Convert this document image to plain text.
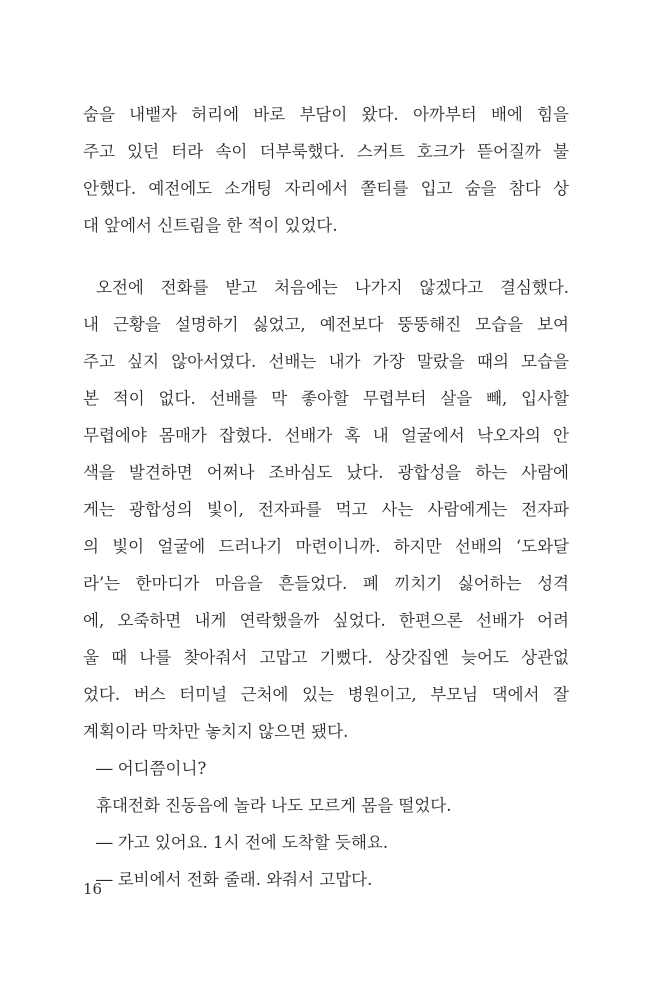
숨을 내뱉자 허리에 바로 부담이 왔다. 아까부터 배에 힘을
주고 있던 터라 속이 더부룩했다. 스커트 호크가 뜯어질까 불
안했다. 예전에도 소개팅 자리에서 쫄티를 입고 숨을 참다 상
대 앞에서 신트림을 한 적이 있었다.
오전에 전화를 받고 처음에는 나가지 않겠다고 결심했다.
내 근황을 설명하기 싫었고, 예전보다 뚱뚱해진 모습을 보여
주고 싶지 않아서였다. 선배는 내가 가장 말랐을 때의 모습을
본 적이 없다. 선배를 막 좋아할 무렵부터 살을 빼, 입사할
무렵에야 몸매가 잡혔다. 선배가 혹 내 얼굴에서 낙오자의 안
색을 발견하면 어쩌나 조바심도 났다. 광합성을 하는 사람에
게는 광합성의 빛이, 전자파를 먹고 사는 사람에게는 전자파
의 빛이 얼굴에 드러나기 마련이니까. 하지만 선배의 ‘도와달
라’는 한마디가 마음을 흔들었다. 폐 끼치기 싫어하는 성격
에, 오죽하면 내게 연락했을까 싶었다. 한편으론 선배가 어려
울 때 나를 찾아줘서 고맙고 기뻤다. 상갓집엔 늦어도 상관없
었다. 버스 터미널 근처에 있는 병원이고, 부모님 댁에서 잘
계획이라 막차만 놓치지 않으면 됐다.
― 어디쯤이니?
휴대전화 진동음에 놀라 나도 모르게 몸을 떨었다.
― 가고 있어요. 1시 전에 도착할 듯해요.
― 로비에서 전화 줄래. 와줘서 고맙다.
16
